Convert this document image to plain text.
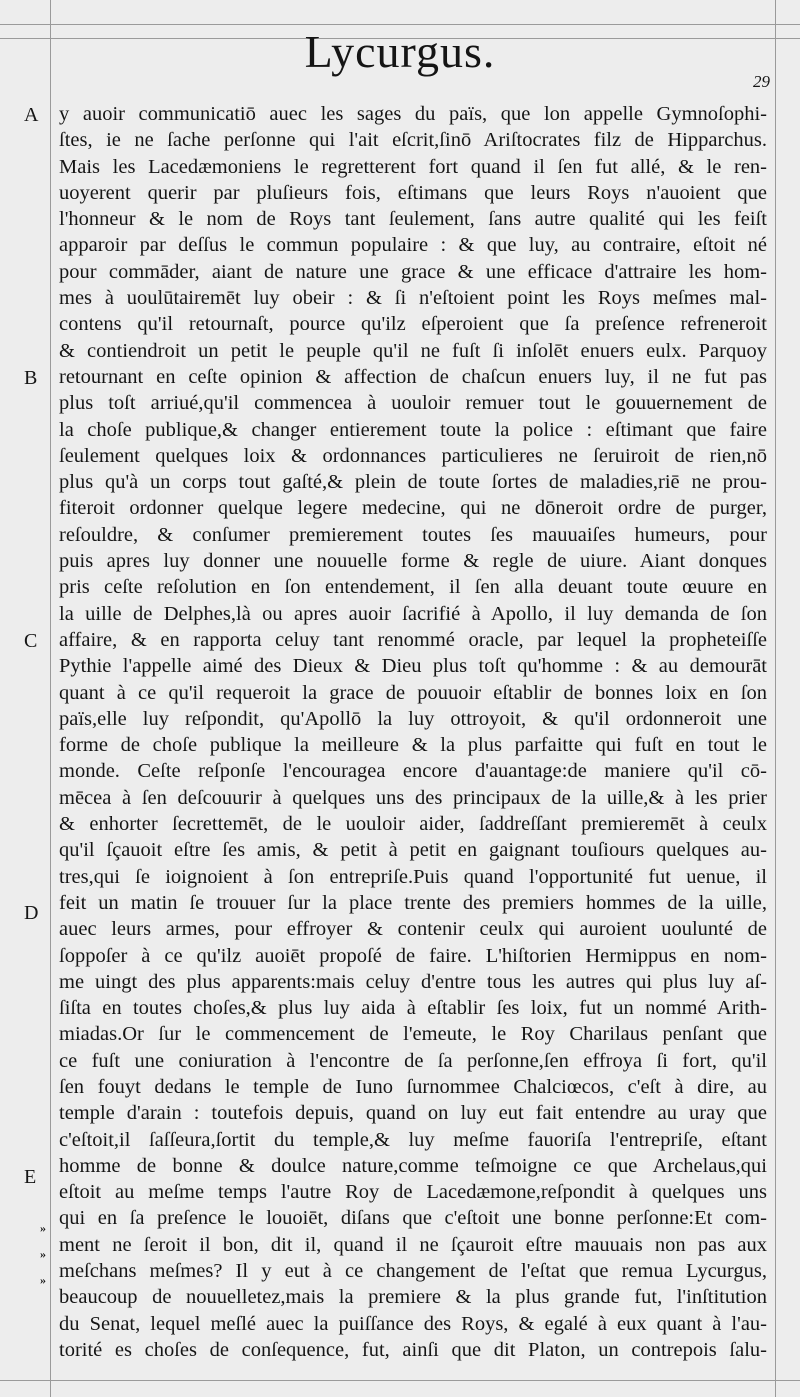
Lycurgus.
29
A
B
C
D
E
»
»
»
y auoir communicatiō auec les sages du païs, que lon appelle Gymnoſophi-
ſtes, ie ne ſache perſonne qui l'ait eſcrit,ſinō Ariſtocrates filz de Hipparchus.
Mais les Lacedæmoniens le regretterent fort quand il ſen fut allé, & le ren-
uoyerent querir par pluſieurs fois, eſtimans que leurs Roys n'auoient que
l'honneur & le nom de Roys tant ſeulement, ſans autre qualité qui les feiſt
apparoir par deſſus le commun populaire : & que luy, au contraire, eſtoit né
pour commāder, aiant de nature une grace & une efficace d'attraire les hom-
mes à uoulūtairemēt luy obeir : & ſi n'eſtoient point les Roys meſmes mal-
contens qu'il retournaſt, pource qu'ilz eſperoient que ſa preſence refreneroit
& contiendroit un petit le peuple qu'il ne fuſt ſi inſolēt enuers eulx. Parquoy
retournant en ceſte opinion & affection de chaſcun enuers luy, il ne fut pas
plus toſt arriué,qu'il commencea à uouloir remuer tout le gouuernement de
la choſe publique,& changer entierement toute la police : eſtimant que faire
ſeulement quelques loix & ordonnances particulieres ne ſeruiroit de rien,nō
plus qu'à un corps tout gaſté,& plein de toute ſortes de maladies,riē ne prou-
fiteroit ordonner quelque legere medecine, qui ne dōneroit ordre de purger,
reſouldre, & conſumer premierement toutes ſes mauuaiſes humeurs, pour
puis apres luy donner une nouuelle forme & regle de uiure. Aiant donques
pris ceſte reſolution en ſon entendement, il ſen alla deuant toute œuure en
la uille de Delphes,là ou apres auoir ſacrifié à Apollo, il luy demanda de ſon
affaire, & en rapporta celuy tant renommé oracle, par lequel la propheteiſſe
Pythie l'appelle aimé des Dieux & Dieu plus toſt qu'homme : & au demourāt
quant à ce qu'il requeroit la grace de pouuoir eſtablir de bonnes loix en ſon
païs,elle luy reſpondit, qu'Apollō la luy ottroyoit, & qu'il ordonneroit une
forme de choſe publique la meilleure & la plus parfaitte qui fuſt en tout le
monde. Ceſte reſponſe l'encouragea encore d'auantage:de maniere qu'il cō-
mēcea à ſen deſcouurir à quelques uns des principaux de la uille,& à les prier
& enhorter ſecrettemēt, de le uouloir aider, ſaddreſſant premieremēt à ceulx
qu'il ſçauoit eſtre ſes amis, & petit à petit en gaignant touſiours quelques au-
tres,qui ſe ioignoient à ſon entrepriſe.Puis quand l'opportunité fut uenue, il
feit un matin ſe trouuer ſur la place trente des premiers hommes de la uille,
auec leurs armes, pour effroyer & contenir ceulx qui auroient uoulunté de
ſoppoſer à ce qu'ilz auoiēt propoſé de faire. L'hiſtorien Hermippus en nom-
me uingt des plus apparents:mais celuy d'entre tous les autres qui plus luy aſ-
ſiſta en toutes choſes,& plus luy aida à eſtablir ſes loix, fut un nommé Arith-
miadas.Or ſur le commencement de l'emeute, le Roy Charilaus penſant que
ce fuſt une coniuration à l'encontre de ſa perſonne,ſen effroya ſi fort, qu'il
ſen fouyt dedans le temple de Iuno ſurnommee Chalciœcos, c'eſt à dire, au
temple d'arain : toutefois depuis, quand on luy eut fait entendre au uray que
c'eſtoit,il ſaſſeura,ſortit du temple,& luy meſme fauoriſa l'entrepriſe, eſtant
homme de bonne & doulce nature,comme teſmoigne ce que Archelaus,qui
eſtoit au meſme temps l'autre Roy de Lacedæmone,reſpondit à quelques uns
qui en ſa preſence le louoiēt, diſans que c'eſtoit une bonne perſonne:Et com-
ment ne ſeroit il bon, dit il, quand il ne ſçauroit eſtre mauuais non pas aux
meſchans meſmes? Il y eut à ce changement de l'eſtat que remua Lycurgus,
beaucoup de nouuelletez,mais la premiere & la plus grande fut, l'inſtitution
du Senat, lequel meſlé auec la puiſſance des Roys, & egalé à eux quant à l'au-
torité es choſes de conſequence, fut, ainſi que dit Platon, un contrepois ſalu-
